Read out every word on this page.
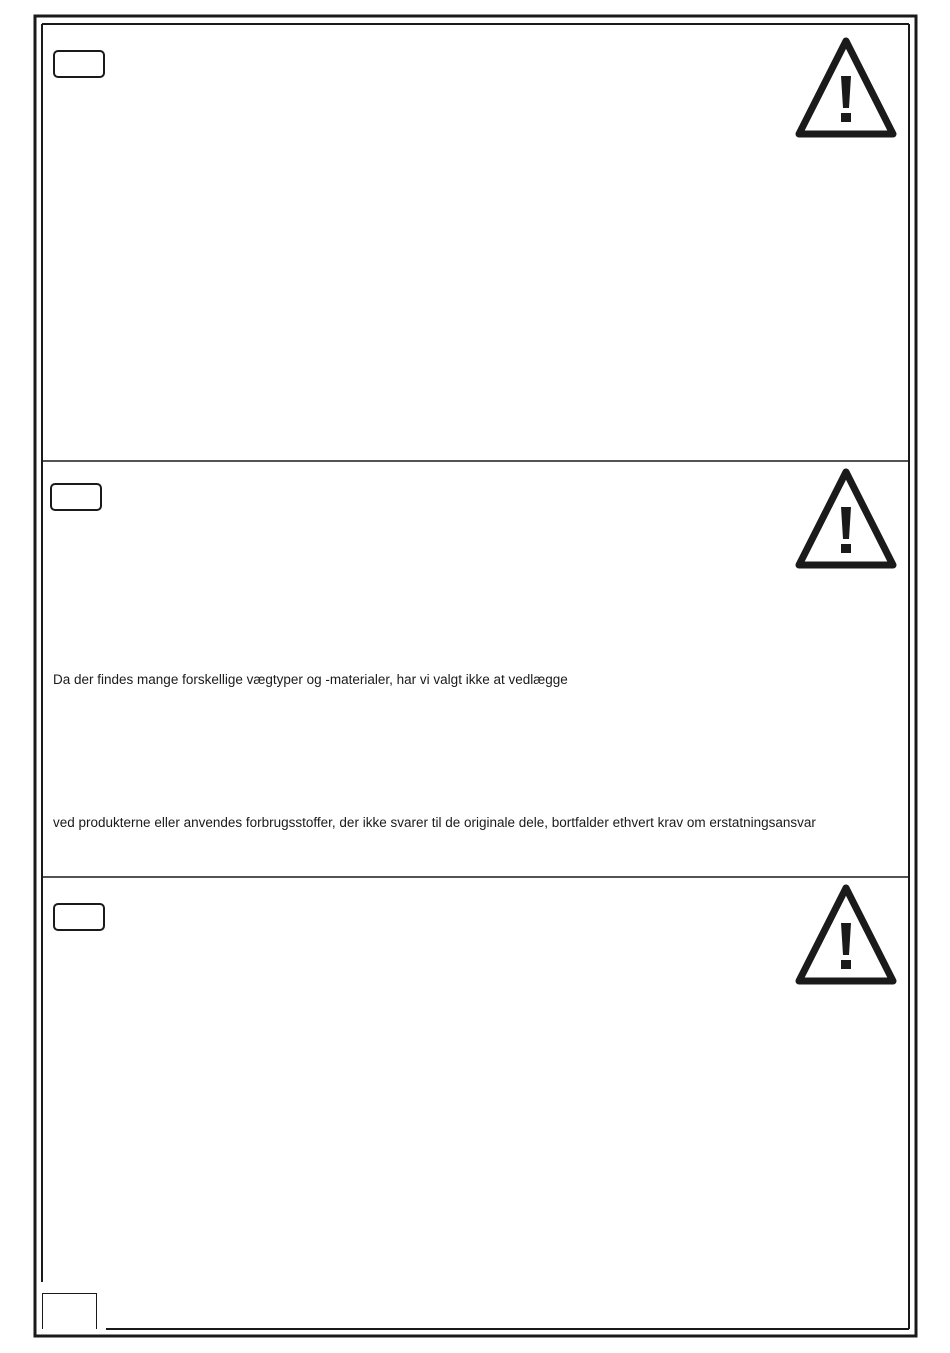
Da der findes mange forskellige vægtyper og -materialer, har vi valgt ikke at vedlægge
ved produkterne eller anvendes forbrugsstoffer, der ikke svarer til de originale dele, bortfalder ethvert krav om erstatningsansvar
